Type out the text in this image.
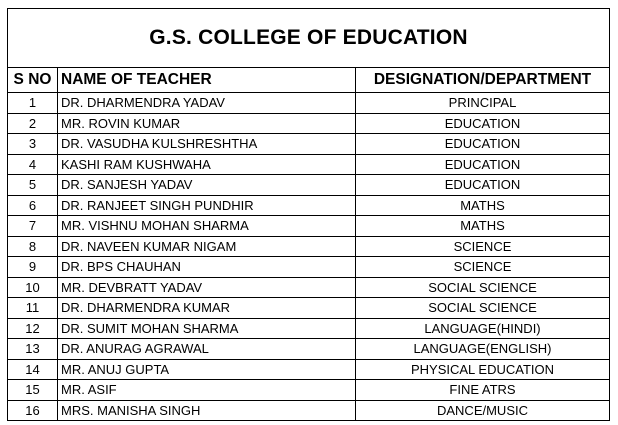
G.S. COLLEGE OF EDUCATION		
S NO	NAME OF TEACHER	DESIGNATION/DEPARTMENT
1	DR. DHARMENDRA YADAV	PRINCIPAL
2	MR. ROVIN KUMAR	EDUCATION
3	DR. VASUDHA KULSHRESHTHA	EDUCATION
4	KASHI RAM KUSHWAHA	EDUCATION
5	DR. SANJESH YADAV	EDUCATION
6	DR. RANJEET SINGH PUNDHIR	MATHS
7	MR. VISHNU MOHAN SHARMA	MATHS
8	DR. NAVEEN KUMAR NIGAM	SCIENCE
9	DR. BPS CHAUHAN	SCIENCE
10	MR. DEVBRATT YADAV	SOCIAL SCIENCE
11	DR. DHARMENDRA KUMAR	SOCIAL SCIENCE
12	DR. SUMIT MOHAN SHARMA	LANGUAGE(HINDI)
13	DR. ANURAG AGRAWAL	LANGUAGE(ENGLISH)
14	MR. ANUJ GUPTA	PHYSICAL EDUCATION
15	MR. ASIF	FINE ATRS
16	MRS. MANISHA SINGH	DANCE/MUSIC
